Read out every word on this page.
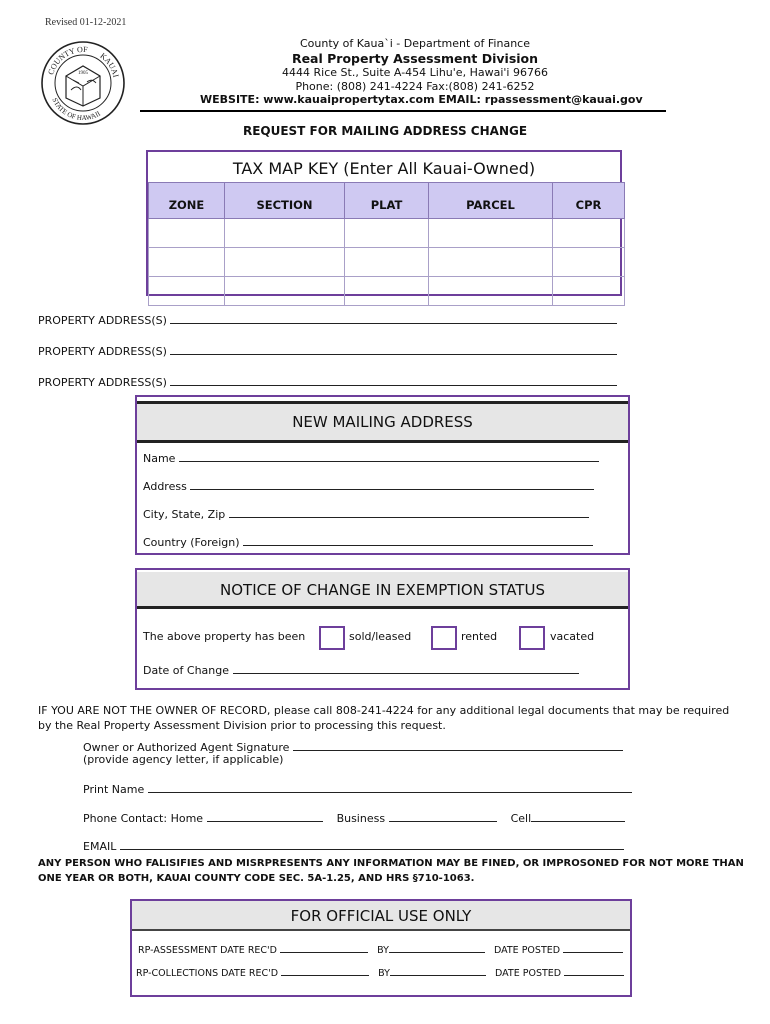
Revised 01-12-2021
COUNTY OF
KAUAI
STATE OF HAWAII
1905
County of Kaua`i - Department of Finance
Real Property Assessment Division
4444 Rice St., Suite A-454 Lihu'e, Hawai'i 96766
Phone: (808) 241-4224 Fax:(808) 241-6252
WEBSITE: www.kauaipropertytax.com EMAIL: rpassessment@kauai.gov
REQUEST FOR MAILING ADDRESS CHANGE
TAX MAP KEY (Enter All Kauai-Owned)
ZONE	SECTION	PLAT	PARCEL	CPR

PROPERTY ADDRESS(S)
PROPERTY ADDRESS(S)
PROPERTY ADDRESS(S)
NEW MAILING ADDRESS
Name
Address
City, State, Zip
Country (Foreign)
NOTICE OF CHANGE IN EXEMPTION STATUS
The above property has been	sold/leased	rented	vacated
Date of Change
IF YOU ARE NOT THE OWNER OF RECORD, please call 808-241-4224 for any additional legal documents that may be required by the Real Property Assessment Division prior to processing this request.
Owner or Authorized Agent Signature
(provide agency letter, if applicable)
Print Name
Phone Contact: Home	Business	Cell
EMAIL
ANY PERSON WHO FALISIFIES AND MISRPRESENTS ANY INFORMATION MAY BE FINED, OR IMPROSONED FOR NOT MORE THAN ONE YEAR OR BOTH, KAUAI COUNTY CODE SEC. 5A-1.25, AND HRS §710-1063.
FOR OFFICIAL USE ONLY
RP-ASSESSMENT DATE REC'D	BY	DATE POSTED
RP-COLLECTIONS DATE REC'D	BY	DATE POSTED
